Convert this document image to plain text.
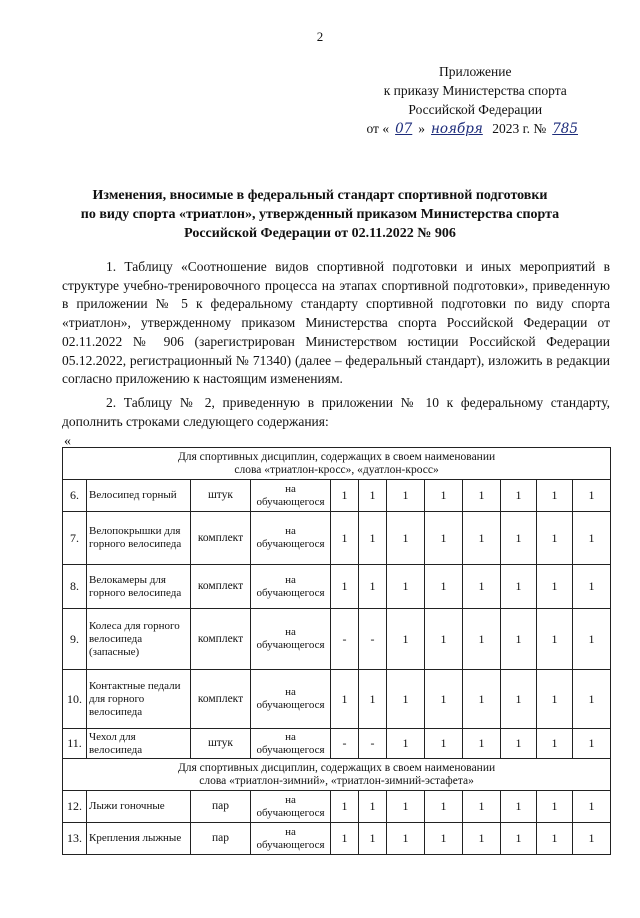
2
Приложение
к приказу Министерства спорта
Российской Федерации
от « 07 » ноября 2023 г. № 785
Изменения, вносимые в федеральный стандарт спортивной подготовки
по виду спорта «триатлон», утвержденный приказом Министерства спорта
Российской Федерации от 02.11.2022 № 906
1. Таблицу «Соотношение видов спортивной подготовки и иных мероприятий в структуре учебно-тренировочного процесса на этапах спортивной подготовки», приведенную в приложении № 5 к федеральному стандарту спортивной подготовки по виду спорта «триатлон», утвержденному приказом Министерства спорта Российской Федерации от 02.11.2022 № 906 (зарегистрирован Министерством юстиции Российской Федерации 05.12.2022, регистрационный № 71340) (далее – федеральный стандарт), изложить в редакции согласно приложению к настоящим изменениям.
2. Таблицу № 2, приведенную в приложении № 10 к федеральному стандарту, дополнить строками следующего содержания:
«
Для спортивных дисциплин, содержащих в своем наименовании
слова «триатлон-кросс», «дуатлон-кросс»											

6.	Велосипед горный	штук	на обучающегося	1	1	1	1	1	1	1	1
7.	Велопокрышки для горного велосипеда	комплект	на обучающегося	1	1	1	1	1	1	1	1
8.	Велокамеры для горного велосипеда	комплект	на обучающегося	1	1	1	1	1	1	1	1
9.	Колеса для горного велосипеда (запасные)	комплект	на обучающегося	-	-	1	1	1	1	1	1
10.	Контактные педали для горного велосипеда	комплект	на обучающегося	1	1	1	1	1	1	1	1
11.	Чехол для велосипеда	штук	на обучающегося	-	-	1	1	1	1	1	1

Для спортивных дисциплин, содержащих в своем наименовании
слова «триатлон-зимний», «триатлон-зимний-эстафета»											

12.	Лыжи гоночные	пар	на обучающегося	1	1	1	1	1	1	1	1
13.	Крепления лыжные	пар	на обучающегося	1	1	1	1	1	1	1	1
